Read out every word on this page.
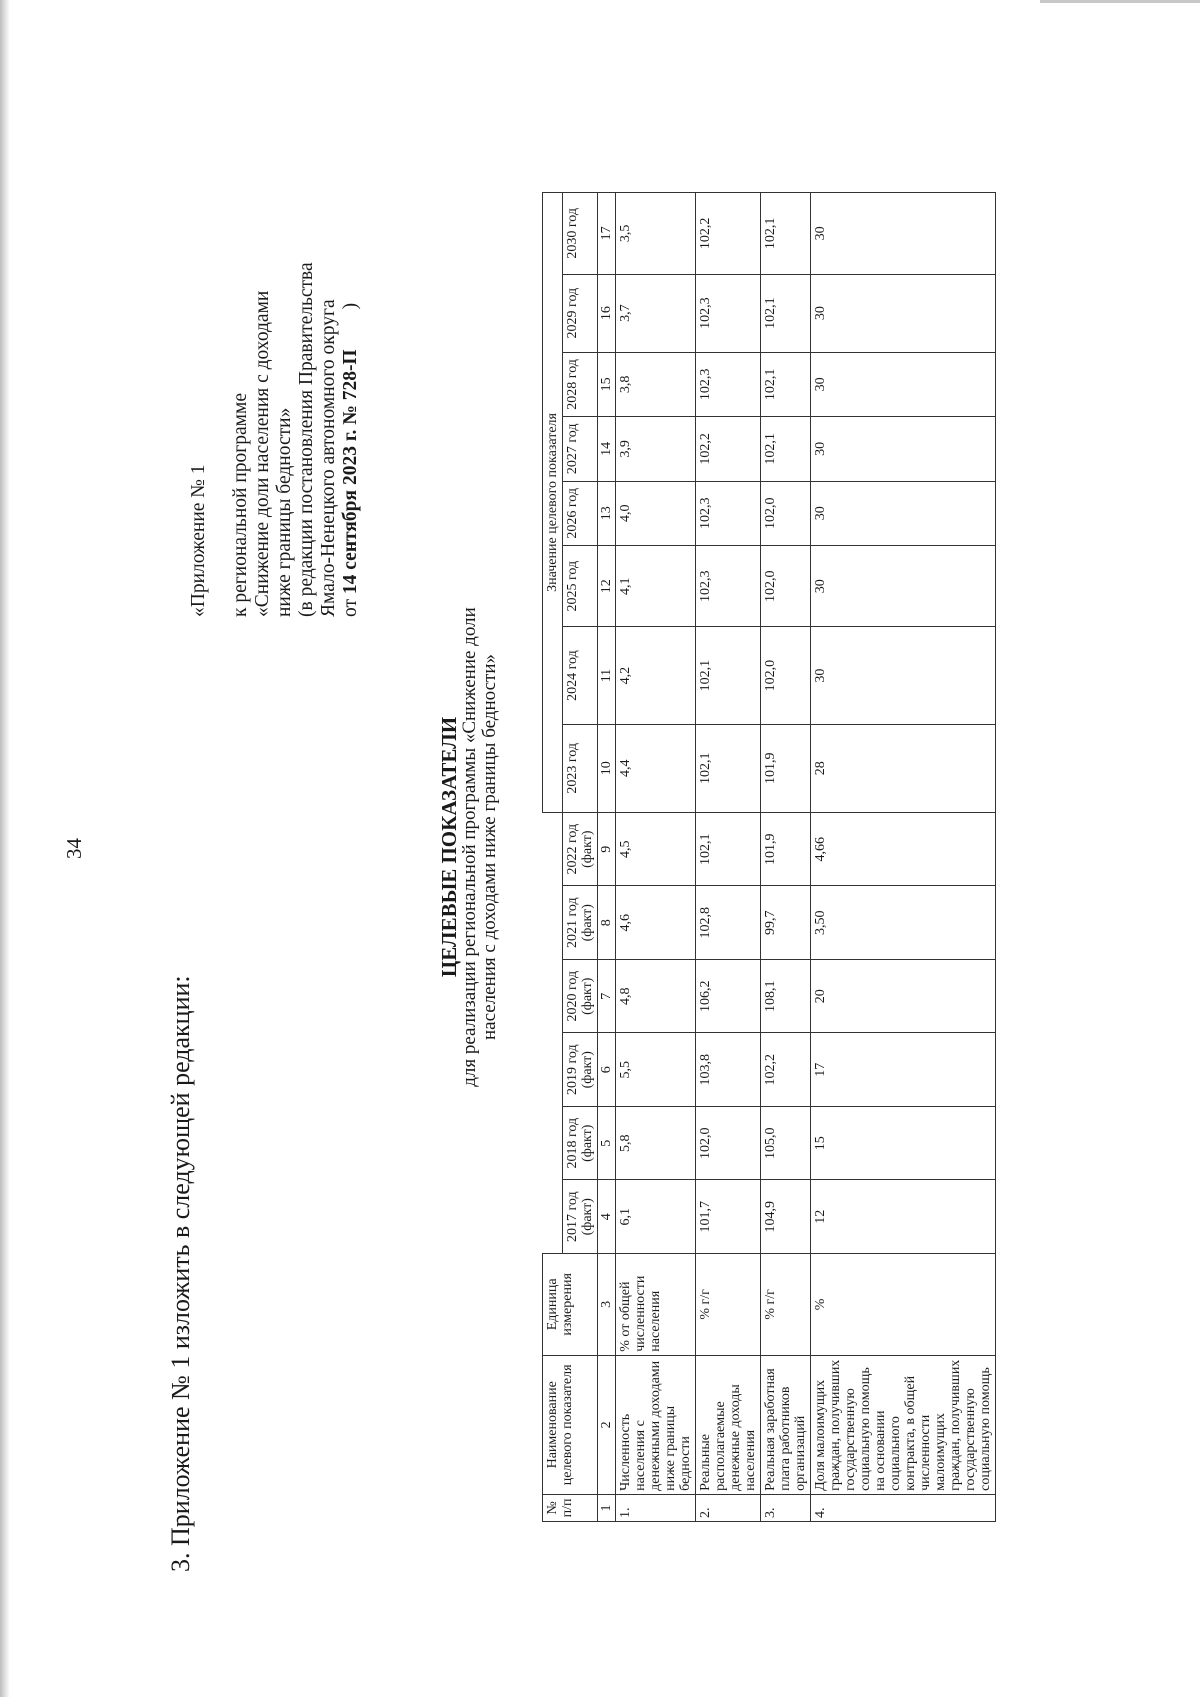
34
3. Приложение № 1 изложить в следующей редакции:
«Приложение № 1 к региональной программе «Снижение доли населения с доходами ниже границы бедности» (в редакции постановления Правительства Ямало-Ненецкого автономного округа от 14 сентября 2023 г. № 728-П)
ЦЕЛЕВЫЕ ПОКАЗАТЕЛИ
для реализации региональной программы «Снижение доли населения с доходами ниже границы бедности»
№ п/п	Наименование целевого показателя	Единица измерения							Значение целевого показателя							
			2017 год (факт)	2018 год (факт)	2019 год (факт)	2020 год (факт)	2021 год (факт)	2022 год (факт)	2023 год	2024 год	2025 год	2026 год	2027 год	2028 год	2029 год	2030 год
1	2	3	4	5	6	7	8	9	10	11	12	13	14	15	16	17
1.	Численность населения с денежными доходами ниже границы бедности	% от общей численности населения	6,1	5,8	5,5	4,8	4,6	4,5	4,4	4,2	4,1	4,0	3,9	3,8	3,7	3,5
2.	Реальные располагаемые денежные доходы населения	% г/г	101,7	102,0	103,8	106,2	102,8	102,1	102,1	102,1	102,3	102,3	102,2	102,3	102,3	102,2
3.	Реальная заработная плата работников организаций	% г/г	104,9	105,0	102,2	108,1	99,7	101,9	101,9	102,0	102,0	102,0	102,1	102,1	102,1	102,1
4.	Доля малоимущих граждан, получивших государственную социальную помощь на основании социального контракта, в общей численности малоимущих граждан, получивших государственную социальную помощь	%	12	15	17	20	3,50	4,66	28	30	30	30	30	30	30	30
